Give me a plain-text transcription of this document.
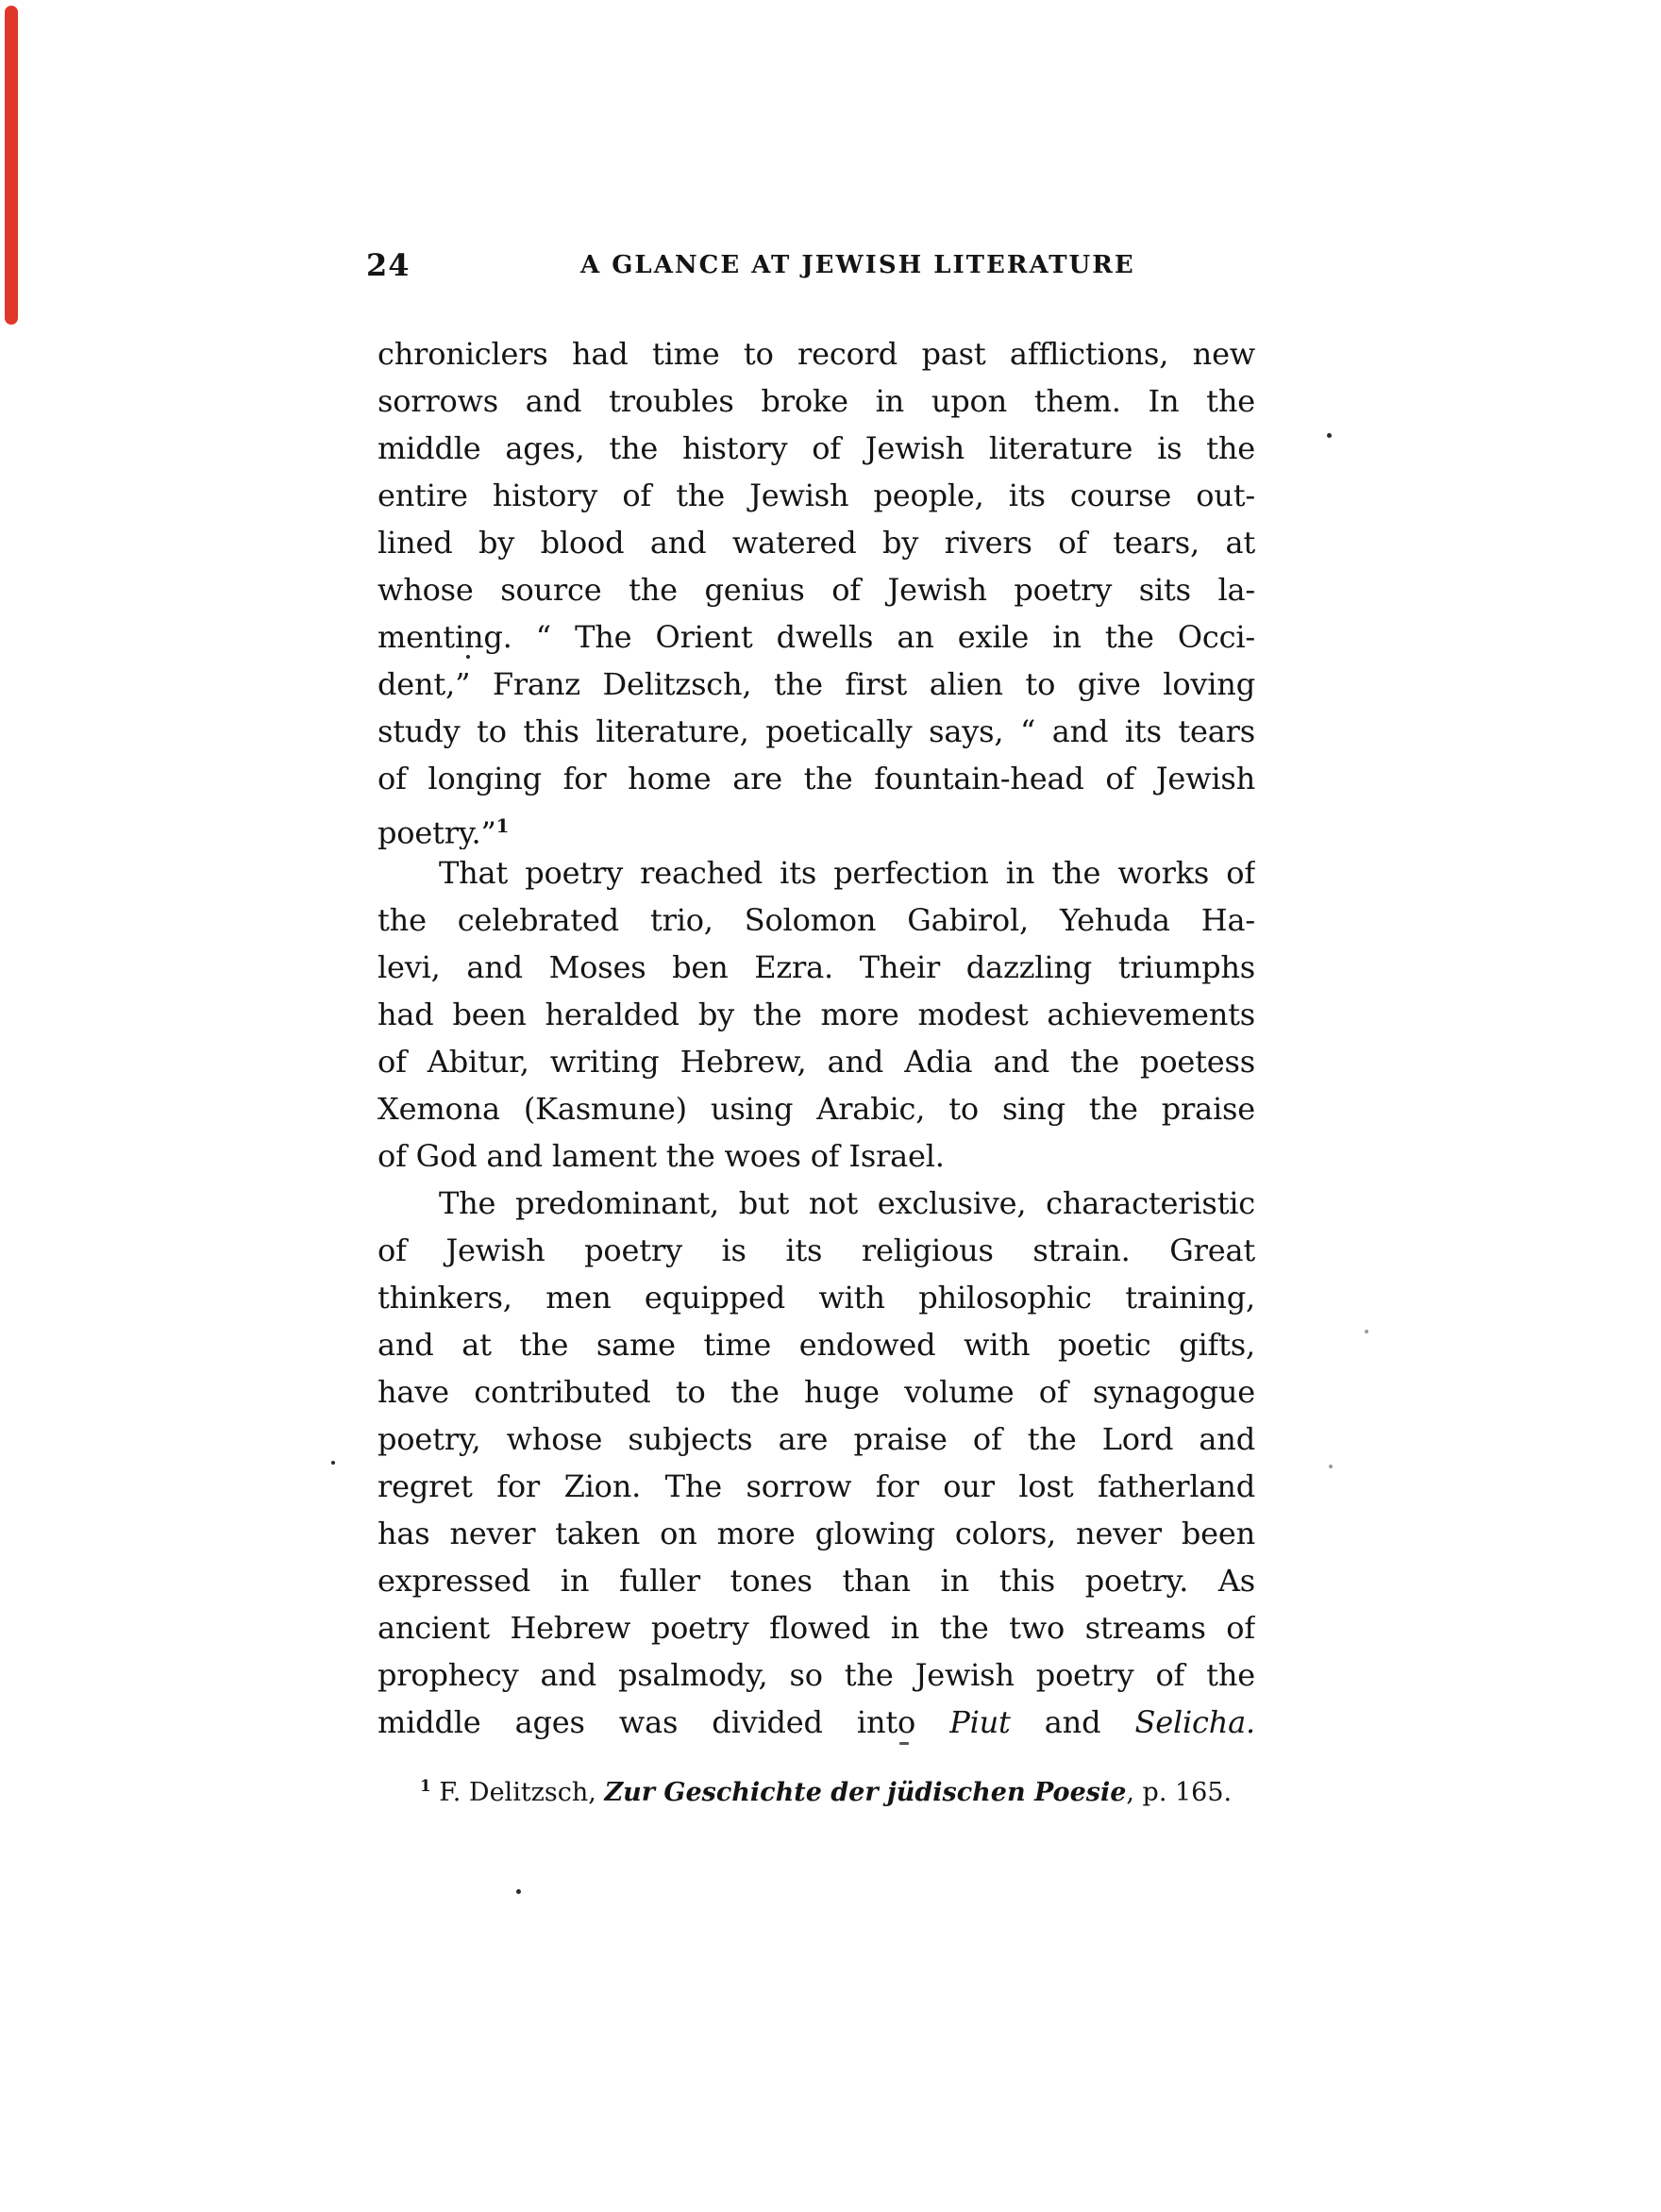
24	A GLANCE AT JEWISH LITERATURE
chroniclers had time to record past afflictions, new
sorrows and troubles broke in upon them. In the
middle ages, the history of Jewish literature is the
entire history of the Jewish people, its course out-
lined by blood and watered by rivers of tears, at
whose source the genius of Jewish poetry sits la-
menting. “ The Orient dwells an exile in the Occi-
dent,” Franz Delitzsch, the first alien to give loving
study to this literature, poetically says, “ and its tears
of longing for home are the fountain-head of Jewish
poetry.”$^1$
That poetry reached its perfection in the works of
the celebrated trio, Solomon Gabirol, Yehuda Ha-
levi, and Moses ben Ezra. Their dazzling triumphs
had been heralded by the more modest achievements
of Abitur, writing Hebrew, and Adia and the poetess
Xemona (Kasmune) using Arabic, to sing the praise
of God and lament the woes of Israel.
The predominant, but not exclusive, characteristic
of Jewish poetry is its religious strain. Great
thinkers, men equipped with philosophic training,
and at the same time endowed with poetic gifts,
have contributed to the huge volume of synagogue
poetry, whose subjects are praise of the Lord and
regret for Zion. The sorrow for our lost fatherland
has never taken on more glowing colors, never been
expressed in fuller tones than in this poetry. As
ancient Hebrew poetry flowed in the two streams of
prophecy and psalmody, so the Jewish poetry of the
middle ages was divided into Piut and Selicha.
$^1$ F. Delitzsch, Zur Geschichte der jüdischen Poesie, p. 165.
